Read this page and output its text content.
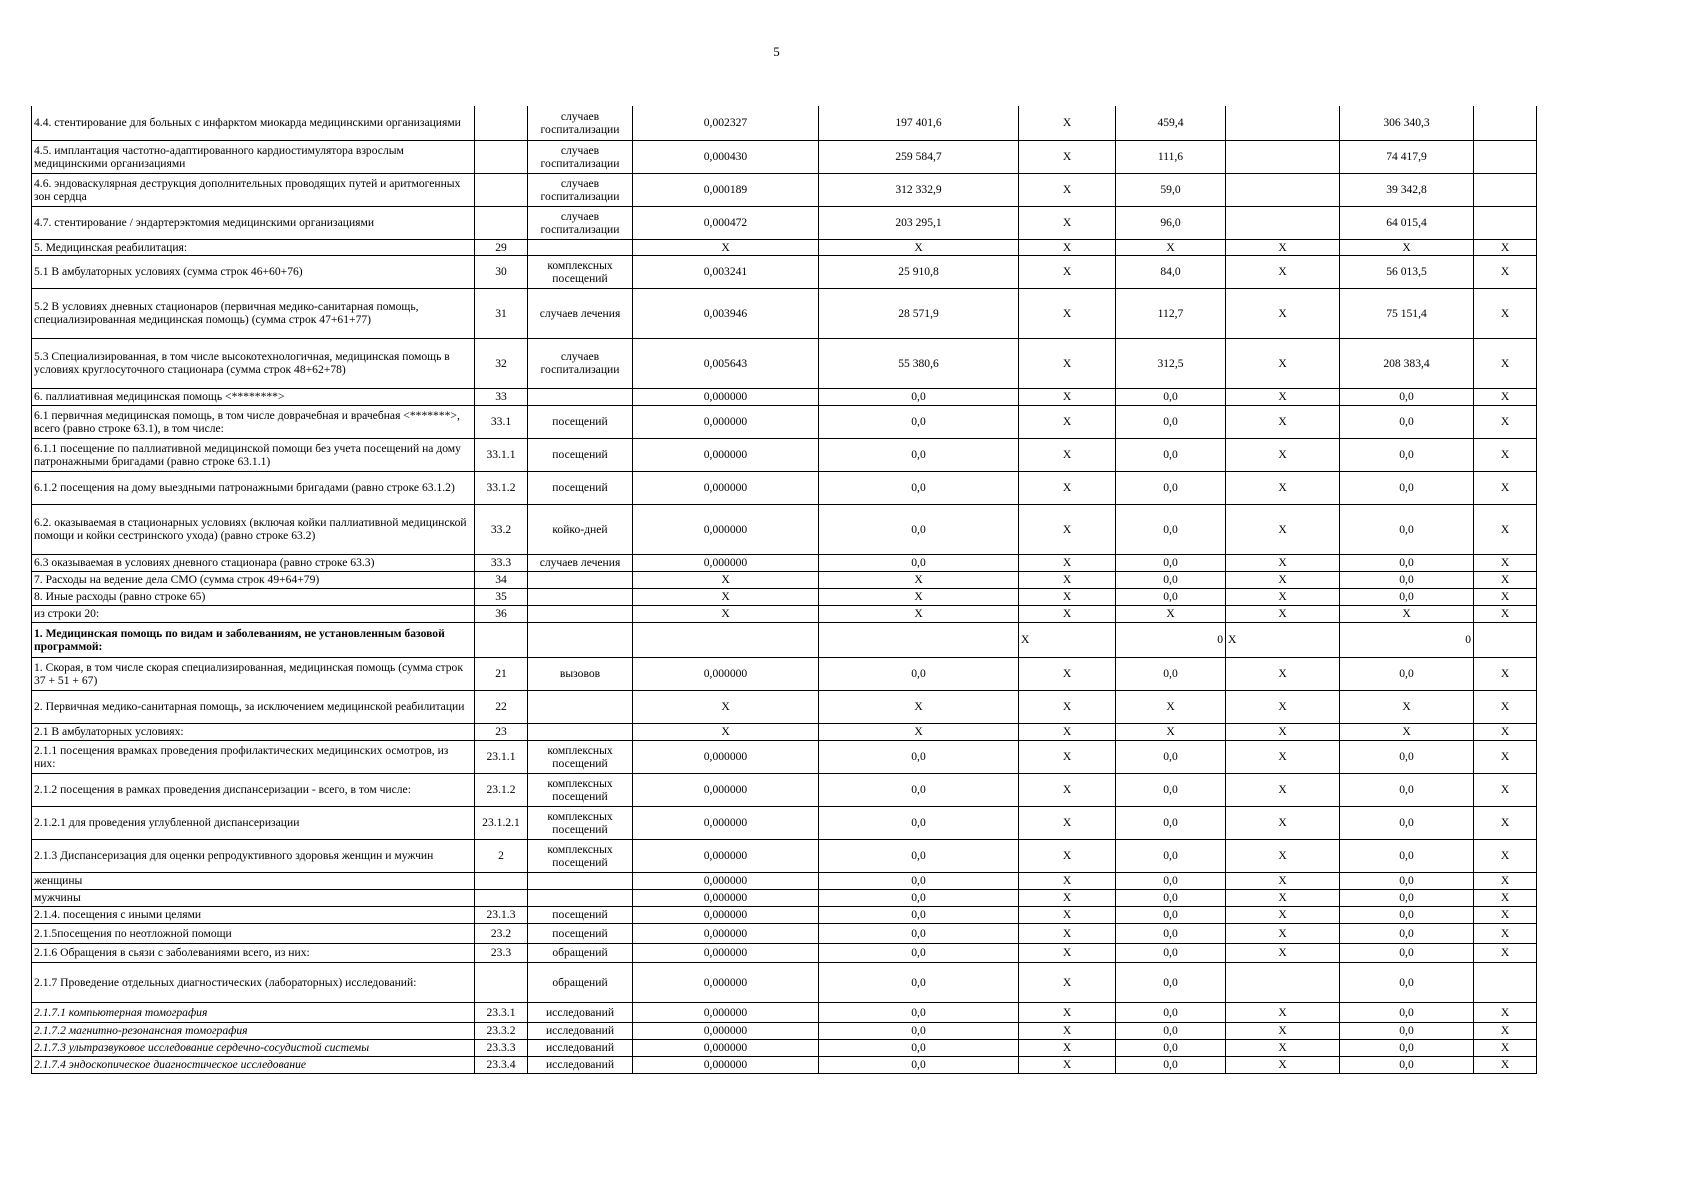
5
4.4. стентирование для больных с инфарктом миокарда медицинскими организациями		случаев госпитализации	0,002327	197 401,6	X	459,4		306 340,3	
4.5. имплантация частотно-адаптированного кардиостимулятора взрослым медицинскими организациями		случаев госпитализации	0,000430	259 584,7	X	111,6		74 417,9	
4.6. эндоваскулярная деструкция дополнительных проводящих путей и аритмогенных зон сердца		случаев госпитализации	0,000189	312 332,9	X	59,0		39 342,8	
4.7. стентирование / эндартерэктомия медицинскими организациями		случаев госпитализации	0,000472	203 295,1	X	96,0		64 015,4	
5. Медицинская реабилитация:	29		X	X	X	X	X	X	X
5.1 В амбулаторных условиях (сумма строк 46+60+76)	30	комплексных посещений	0,003241	25 910,8	X	84,0	X	56 013,5	X
5.2 В условиях дневных стационаров (первичная медико-санитарная помощь, специализированная медицинская помощь) (сумма строк 47+61+77)	31	случаев лечения	0,003946	28 571,9	X	112,7	X	75 151,4	X
5.3 Специализированная, в том числе высокотехнологичная, медицинская помощь в условиях круглосуточного стационара (сумма строк 48+62+78)	32	случаев госпитализации	0,005643	55 380,6	X	312,5	X	208 383,4	X
6. паллиативная медицинская помощь <********>	33		0,000000	0,0	X	0,0	X	0,0	X
6.1 первичная медицинская помощь, в том числе доврачебная и врачебная <*******>, всего (равно строке 63.1), в том числе:	33.1	посещений	0,000000	0,0	X	0,0	X	0,0	X
6.1.1 посещение по паллиативной медицинской помощи без учета посещений на дому патронажными бригадами (равно строке 63.1.1)	33.1.1	посещений	0,000000	0,0	X	0,0	X	0,0	X
6.1.2 посещения на дому выездными патронажными бригадами (равно строке 63.1.2)	33.1.2	посещений	0,000000	0,0	X	0,0	X	0,0	X
6.2. оказываемая в стационарных условиях (включая койки паллиативной медицинской помощи и койки сестринского ухода) (равно строке 63.2)	33.2	койко-дней	0,000000	0,0	X	0,0	X	0,0	X
6.3 оказываемая в условиях дневного стационара (равно строке 63.3)	33.3	случаев лечения	0,000000	0,0	X	0,0	X	0,0	X
7. Расходы на ведение дела СМО (сумма строк 49+64+79)	34		X	X	X	0,0	X	0,0	X
8. Иные расходы (равно строке 65)	35		X	X	X	0,0	X	0,0	X
из строки 20:	36		X	X	X	X	X	X	X
1. Медицинская помощь по видам и заболеваниям, не установленным базовой программой:					X	0	X	0	
1. Скорая, в том числе скорая специализированная, медицинская помощь (сумма строк 37 + 51 + 67)	21	вызовов	0,000000	0,0	X	0,0	X	0,0	X
2. Первичная медико-санитарная помощь, за исключением медицинской реабилитации	22		X	X	X	X	X	X	X
2.1 В амбулаторных условиях:	23		X	X	X	X	X	X	X
2.1.1 посещения врамках проведения профилактических медицинских осмотров, из них:	23.1.1	комплексных посещений	0,000000	0,0	X	0,0	X	0,0	X
2.1.2 посещения в рамках проведения диспансеризации - всего, в том числе:	23.1.2	комплексных посещений	0,000000	0,0	X	0,0	X	0,0	X
2.1.2.1 для проведения углубленной диспансеризации	23.1.2.1	комплексных посещений	0,000000	0,0	X	0,0	X	0,0	X
2.1.3 Диспансеризация для оценки репродуктивного здоровья женщин и мужчин	2	комплексных посещений	0,000000	0,0	X	0,0	X	0,0	X
женщины			0,000000	0,0	X	0,0	X	0,0	X
мужчины			0,000000	0,0	X	0,0	X	0,0	X
2.1.4. посещения с иными целями	23.1.3	посещений	0,000000	0,0	X	0,0	X	0,0	X
2.1.5посещения по неотложной помощи	23.2	посещений	0,000000	0,0	X	0,0	X	0,0	X
2.1.6 Обращения в сьязи с заболеваниями всего, из них:	23.3	обращений	0,000000	0,0	X	0,0	X	0,0	X
2.1.7 Проведение отдельных диагностических (лабораторных) исследований:		обращений	0,000000	0,0	X	0,0		0,0	
2.1.7.1 компьютерная томография	23.3.1	исследований	0,000000	0,0	X	0,0	X	0,0	X
2.1.7.2 магнитно-резонансная томография	23.3.2	исследований	0,000000	0,0	X	0,0	X	0,0	X
2.1.7.3 ультразвуковое исследование сердечно-сосудистой системы	23.3.3	исследований	0,000000	0,0	X	0,0	X	0,0	X
2.1.7.4 эндоскопическое диагностическое исследование	23.3.4	исследований	0,000000	0,0	X	0,0	X	0,0	X
